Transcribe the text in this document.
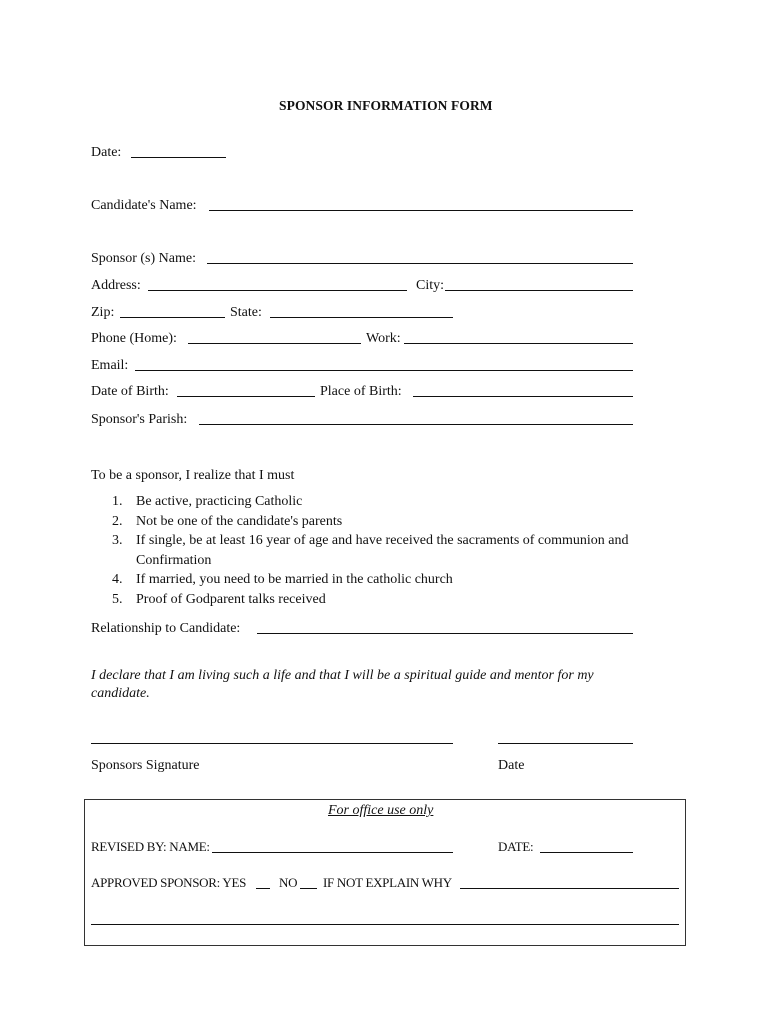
SPONSOR INFORMATION FORM
Date:
Candidate's Name:
Sponsor (s) Name:
Address:	City:
Zip:	State:
Phone (Home):	Work:
Email:
Date of Birth:	Place of Birth:
Sponsor's Parish:
To be a sponsor, I realize that I must
1. Be active, practicing Catholic
2. Not be one of the candidate's parents
3. If single, be at least 16 year of age and have received the sacraments of communion and
Confirmation
4. If married, you need to be married in the catholic church
5. Proof of Godparent talks received
Relationship to Candidate:
I declare that I am living such a life and that I will be a spiritual guide and mentor for my
candidate.
Sponsors Signature	Date
For office use only
REVISED BY: NAME:	DATE:
APPROVED SPONSOR: YES	NO IF NOT EXPLAIN WHY
